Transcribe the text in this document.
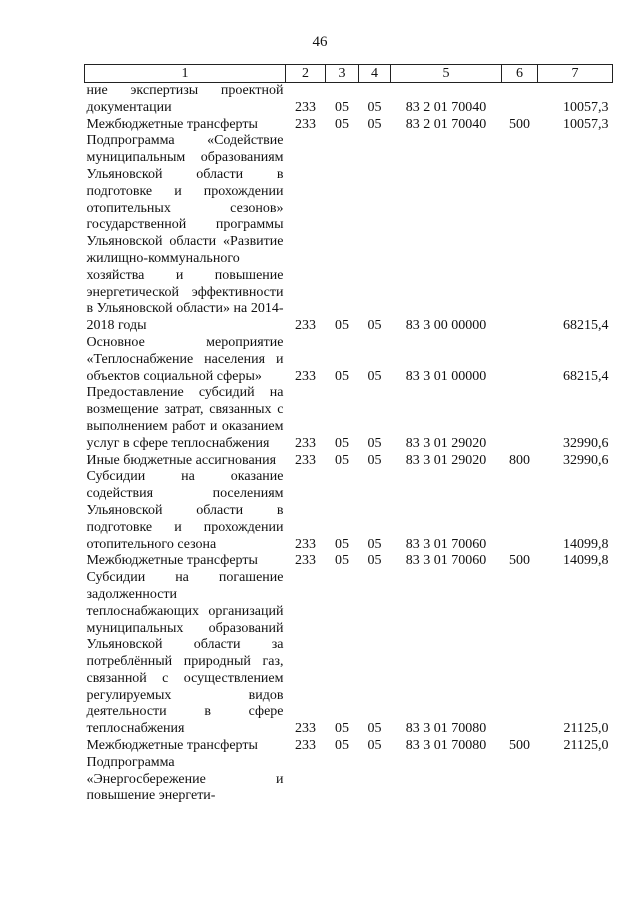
46
1	2	3	4	5	6	7
ние экспертизы проектной документации	233	05	05	83 2 01 70040		10057,3
Межбюджетные трансферты	233	05	05	83 2 01 70040	500	10057,3
Подпрограмма «Содействие муниципальным образованиям Ульяновской области в подготовке и прохождении отопительных сезонов» государственной программы Ульяновской области «Развитие жилищно-коммунального хозяйства и повышение энергетической эффективности в Ульяновской области» на 2014-2018 годы	233	05	05	83 3 00 00000		68215,4
Основное мероприятие «Теплоснабжение населения и объектов социальной сферы»	233	05	05	83 3 01 00000		68215,4
Предоставление субсидий на возмещение затрат, связанных с выполнением работ и оказанием услуг в сфере теплоснабжения	233	05	05	83 3 01 29020		32990,6
Иные бюджетные ассигнования	233	05	05	83 3 01 29020	800	32990,6
Субсидии на оказание содействия поселениям Ульяновской области в подготовке и прохождении отопительного сезона	233	05	05	83 3 01 70060		14099,8
Межбюджетные трансферты	233	05	05	83 3 01 70060	500	14099,8
Субсидии на погашение задолженности теплоснабжающих организаций муниципальных образований Ульяновской области за потреблённый природный газ, связанной с осуществлением регулируемых видов деятельности в сфере теплоснабжения	233	05	05	83 3 01 70080		21125,0
Межбюджетные трансферты	233	05	05	83 3 01 70080	500	21125,0
Подпрограмма «Энергосбережение и повышение энергети-						
